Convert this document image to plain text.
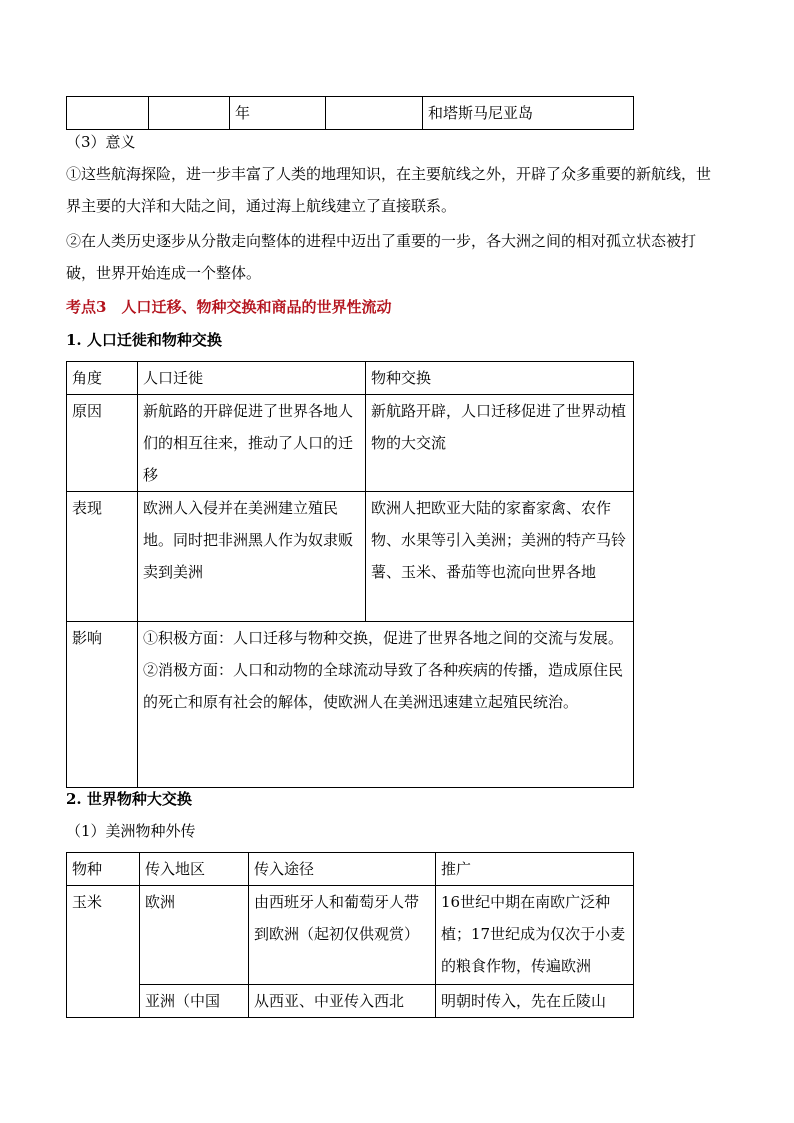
		年		和塔斯马尼亚岛

（3）意义

①这些航海探险，进一步丰富了人类的地理知识，在主要航线之外，开辟了众多重要的新航线，世界主要的大洋和大陆之间，通过海上航线建立了直接联系。

②在人类历史逐步从分散走向整体的进程中迈出了重要的一步，各大洲之间的相对孤立状态被打破，世界开始连成一个整体。

考点3　人口迁移、物种交换和商品的世界性流动

1. 人口迁徙和物种交换

角度	人口迁徙	物种交换
原因	新航路的开辟促进了世界各地人们的相互往来，推动了人口的迁移	新航路开辟，人口迁移促进了世界动植物的大交流
表现	欧洲人入侵并在美洲建立殖民地。同时把非洲黑人作为奴隶贩卖到美洲	欧洲人把欧亚大陆的家畜家禽、农作物、水果等引入美洲；美洲的特产马铃薯、玉米、番茄等也流向世界各地
影响	①积极方面：人口迁移与物种交换，促进了世界各地之间的交流与发展。
②消极方面：人口和动物的全球流动导致了各种疾病的传播，造成原住民的死亡和原有社会的解体，使欧洲人在美洲迅速建立起殖民统治。	

2. 世界物种大交换

（1）美洲物种外传

物种	传入地区	传入途径	推广
玉米	欧洲	由西班牙人和葡萄牙人带到欧洲（起初仅供观赏）	16世纪中期在南欧广泛种植；17世纪成为仅次于小麦的粮食作物，传遍欧洲
	亚洲（中国	从西亚、中亚传入西北	明朝时传入，先在丘陵山
